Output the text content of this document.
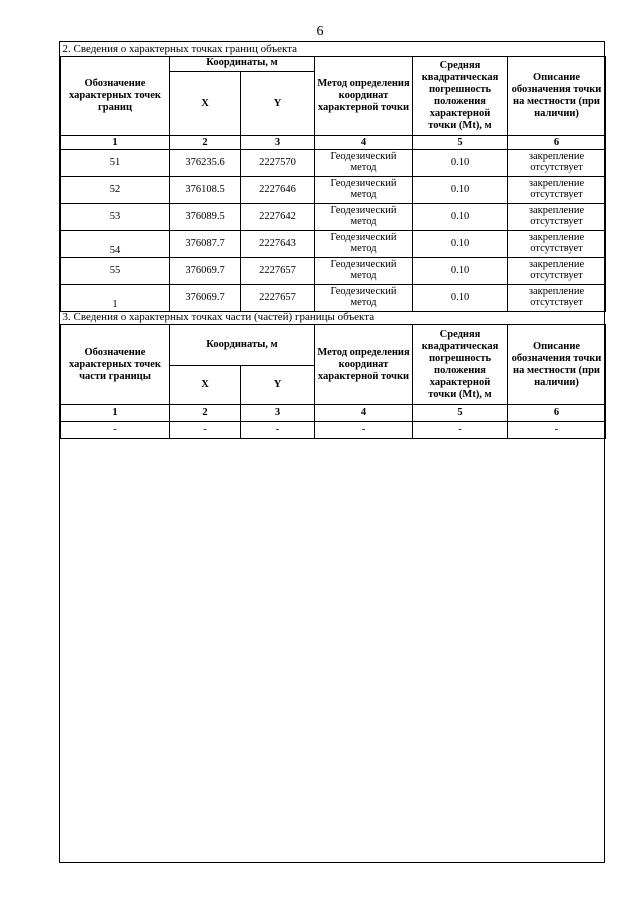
6
2. Сведения о характерных точках границ объекта					
Обозначение характерных точек границ	Координаты, м		Метод определения координат характерной точки	Средняя квадратическая погрешность положения характерной точки (Mt), м	Описание обозначения точки на местности (при наличии)
	X	Y			
1	2	3	4	5	6
51	376235.6	2227570	Геодезический метод	0.10	закрепление отсутствует
52	376108.5	2227646	Геодезический метод	0.10	закрепление отсутствует
53	376089.5	2227642	Геодезический метод	0.10	закрепление отсутствует
54	376087.7	2227643	Геодезический метод	0.10	закрепление отсутствует
55	376069.7	2227657	Геодезический метод	0.10	закрепление отсутствует
1	376069.7	2227657	Геодезический метод	0.10	закрепление отсутствует
3. Сведения о характерных точках части (частей) границы объекта					
Обозначение характерных точек части границы	Координаты, м		Метод определения координат характерной точки	Средняя квадратическая погрешность положения характерной точки (Mt), м	Описание обозначения точки на местности (при наличии)
	X	Y			
1	2	3	4	5	6
-	-	-	-	-	-
